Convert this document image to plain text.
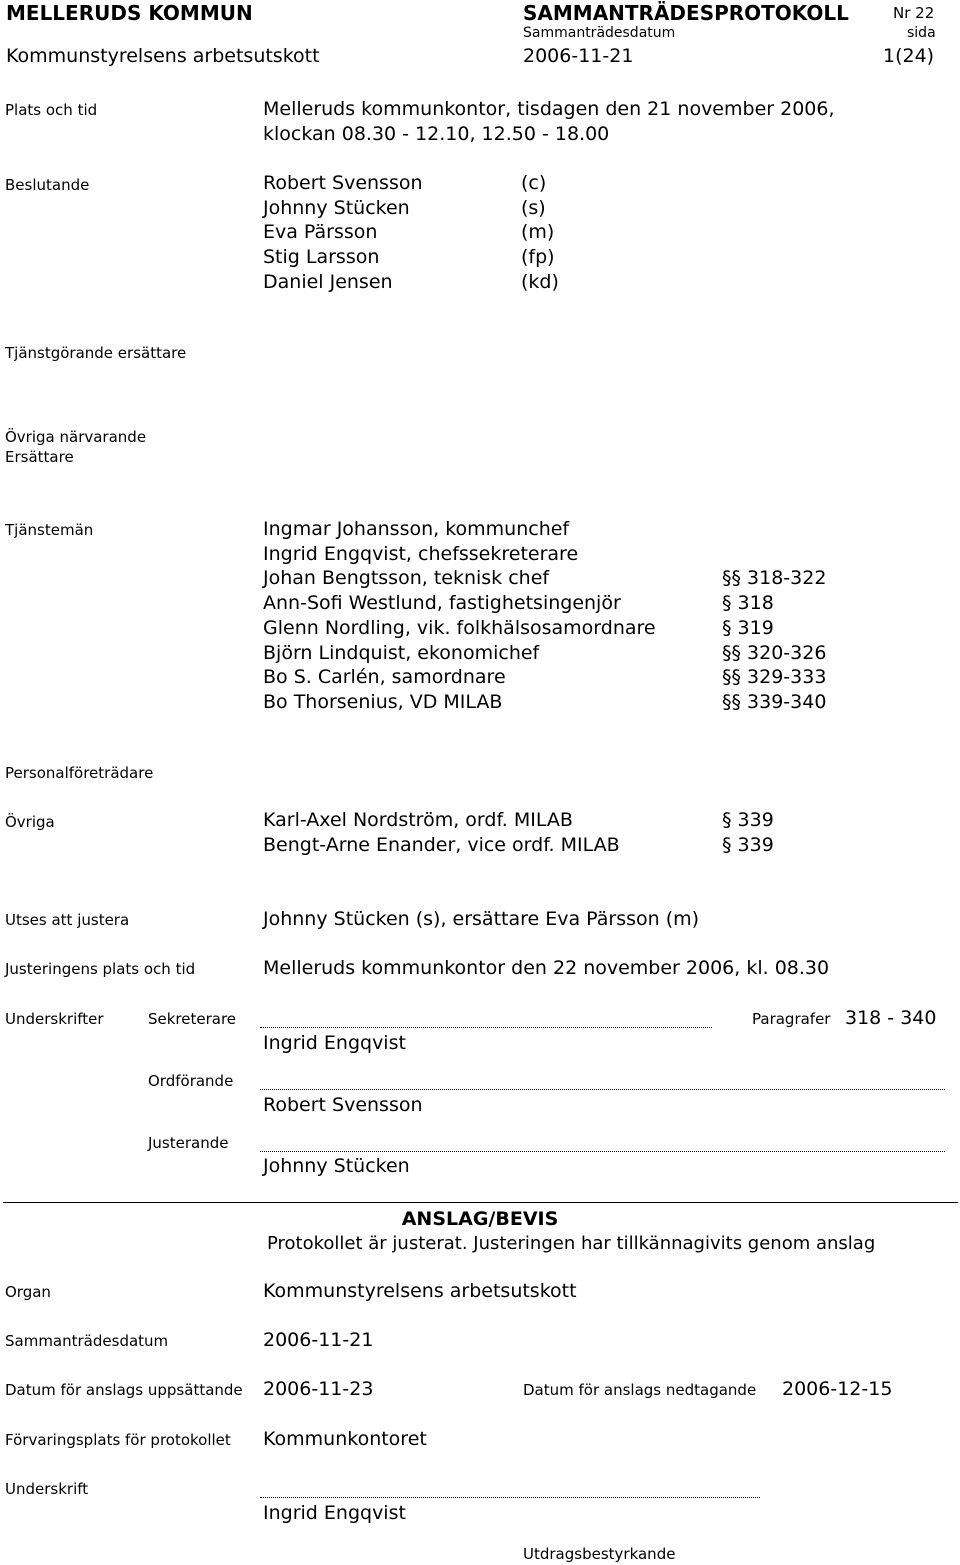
MELLERUDS KOMMUN	SAMMANTRÄDESPROTOKOLL	Nr 22
Sammanträdesdatum	sida
Kommunstyrelsens arbetsutskott	2006-11-21	1(24)
Plats och tid	Melleruds kommunkontor, tisdagen den 21 november 2006,
klockan 08.30 - 12.10, 12.50 - 18.00
Beslutande	Robert Svensson	(c)
Johnny Stücken	(s)
Eva Pärsson	(m)
Stig Larsson	(fp)
Daniel Jensen	(kd)
Tjänstgörande ersättare
Övriga närvarande
Ersättare
Tjänstemän	Ingmar Johansson, kommunchef
Ingrid Engqvist, chefssekreterare
Johan Bengtsson, teknisk chef	§§ 318-322
Ann-Sofi Westlund, fastighetsingenjör	§ 318
Glenn Nordling, vik. folkhälsosamordnare	§ 319
Björn Lindquist, ekonomichef	§§ 320-326
Bo S. Carlén, samordnare	§§ 329-333
Bo Thorsenius, VD MILAB	§§ 339-340
Personalföreträdare
Övriga	Karl-Axel Nordström, ordf. MILAB	§ 339
Bengt-Arne Enander, vice ordf. MILAB	§ 339
Utses att justera	Johnny Stücken (s), ersättare Eva Pärsson (m)
Justeringens plats och tid	Melleruds kommunkontor den 22 november 2006, kl. 08.30
Underskrifter	Sekreterare	Paragrafer 318 - 340
Ingrid Engqvist
Ordförande
Robert Svensson
Justerande
Johnny Stücken
ANSLAG/BEVIS
Protokollet är justerat. Justeringen har tillkännagivits genom anslag
Organ	Kommunstyrelsens arbetsutskott
Sammanträdesdatum	2006-11-21
Datum för anslags uppsättande 2006-11-23	Datum för anslags nedtagande 2006-12-15
Förvaringsplats för protokollet Kommunkontoret
Underskrift
Ingrid Engqvist
Utdragsbestyrkande
